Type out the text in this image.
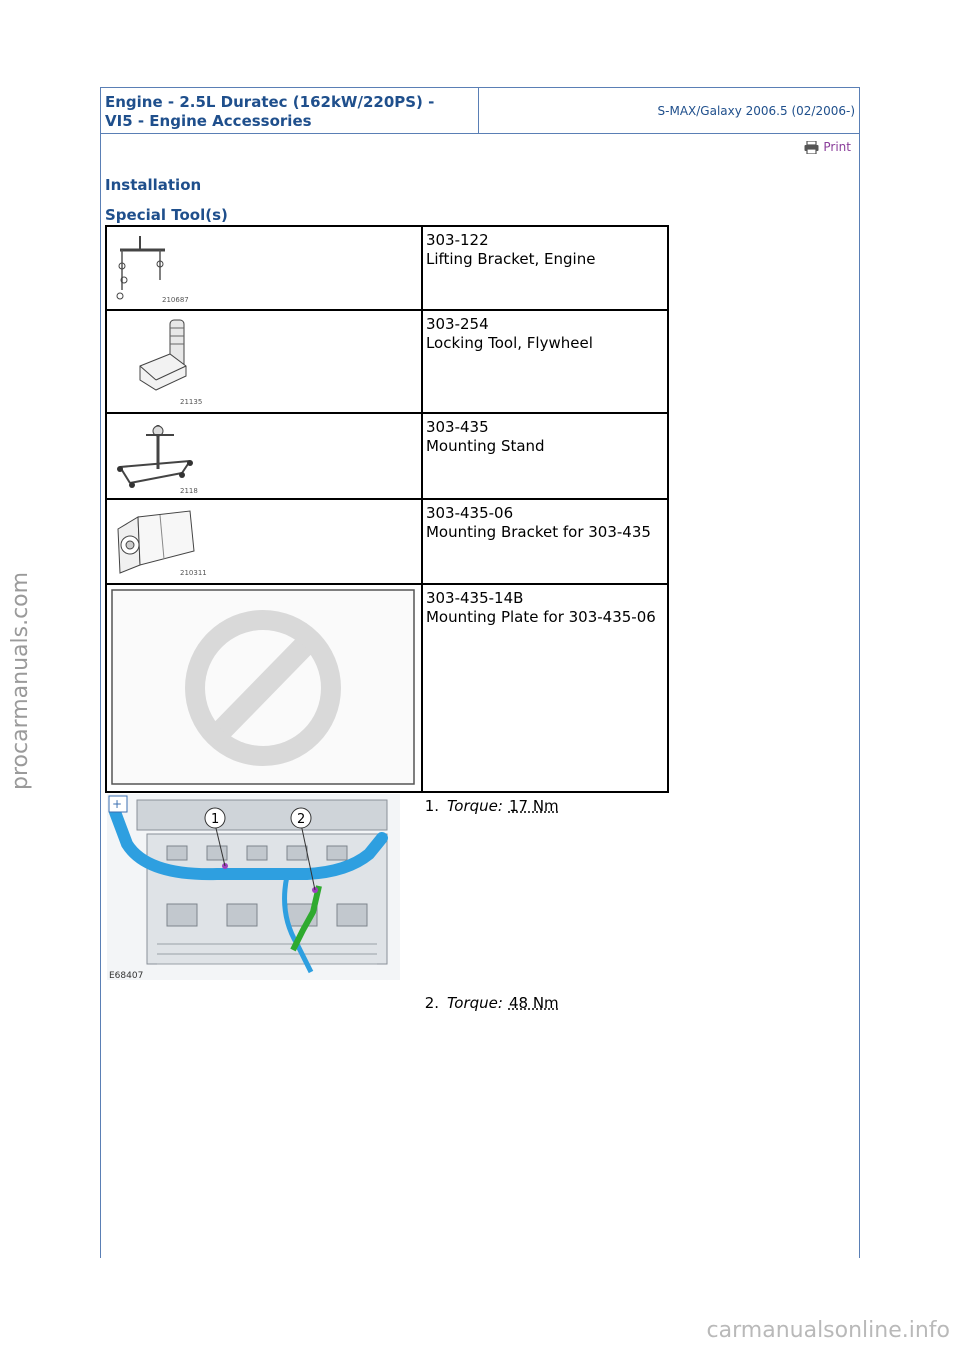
Engine - 2.5L Duratec (162kW/220PS) -
VI5 - Engine Accessories
S-MAX/Galaxy 2006.5 (02/2006-)
Print
Installation
Special Tool(s)
210687	303-122
Lifting Bracket, Engine

21135	303-254
Locking Tool, Flywheel

2118	303-435
Mounting Stand

210311	303-435-06
Mounting Bracket for 303-435

303-435-14B
Mounting Plate for 303-435-06
1	2
+
E68407
1. Torque: 17 Nm
2. Torque: 48 Nm
procarmanuals.com
carmanualsonline.info
